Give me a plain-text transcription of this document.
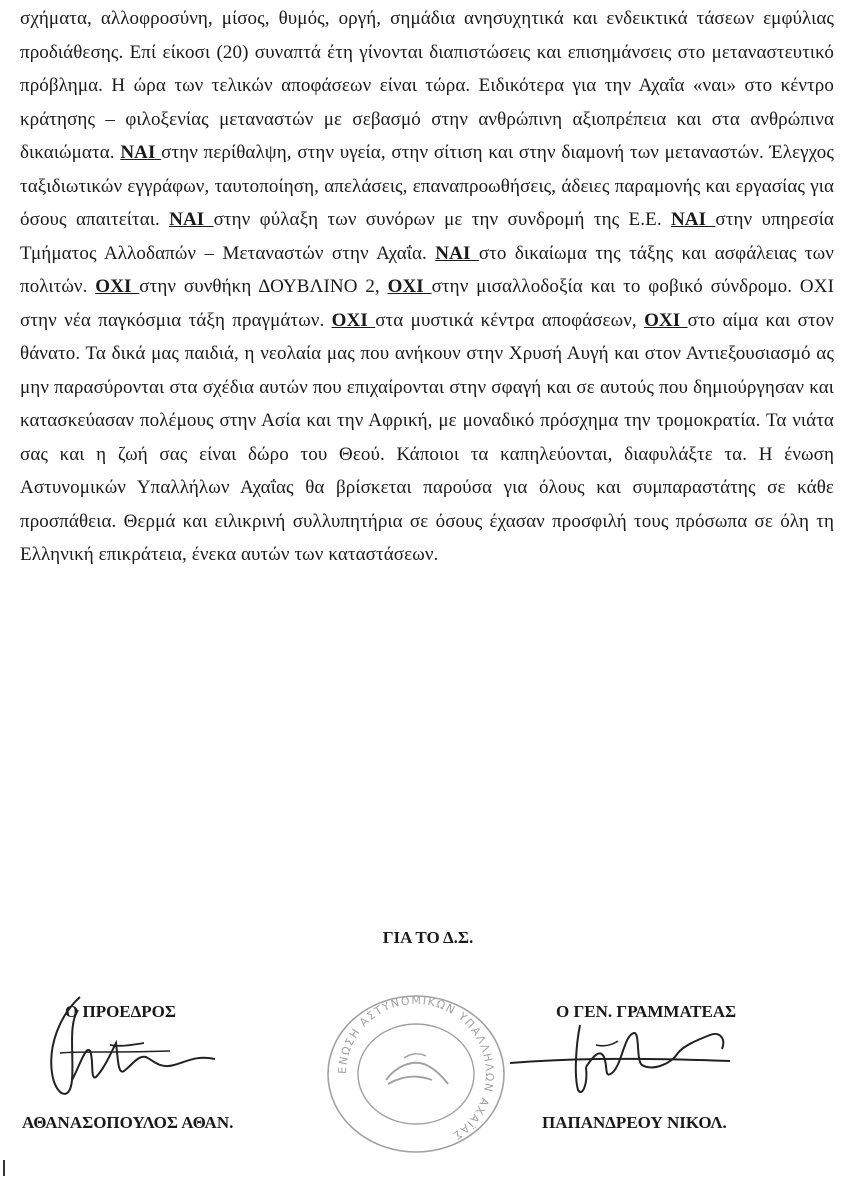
σχήματα, αλλοφροσύνη, μίσος, θυμός, οργή, σημάδια ανησυχητικά και ενδεικτικά τάσεων εμφύλιας προδιάθεσης. Επί είκοσι (20) συναπτά έτη γίνονται διαπιστώσεις και επισημάνσεις στο μεταναστευτικό πρόβλημα. Η ώρα των τελικών αποφάσεων είναι τώρα. Ειδικότερα για την Αχαΐα «ναι» στο κέντρο κράτησης – φιλοξενίας μεταναστών με σεβασμό στην ανθρώπινη αξιοπρέπεια και στα ανθρώπινα δικαιώματα. ΝΑΙ στην περίθαλψη, στην υγεία, στην σίτιση και στην διαμονή των μεταναστών. Έλεγχος ταξιδιωτικών εγγράφων, ταυτοποίηση, απελάσεις, επαναπροωθήσεις, άδειες παραμονής και εργασίας για όσους απαιτείται. ΝΑΙ στην φύλαξη των συνόρων με την συνδρομή της Ε.Ε. ΝΑΙ στην υπηρεσία Τμήματος Αλλοδαπών – Μεταναστών στην Αχαΐα. ΝΑΙ στο δικαίωμα της τάξης και ασφάλειας των πολιτών. ΟΧΙ στην συνθήκη ΔΟΥΒΛΙΝΟ 2, ΟΧΙ στην μισαλλοδοξία και το φοβικό σύνδρομο. ΟΧΙ στην νέα παγκόσμια τάξη πραγμάτων. ΟΧΙ στα μυστικά κέντρα αποφάσεων, ΟΧΙ στο αίμα και στον θάνατο. Τα δικά μας παιδιά, η νεολαία μας που ανήκουν στην Χρυσή Αυγή και στον Αντιεξουσιασμό ας μην παρασύρονται στα σχέδια αυτών που επιχαίρονται στην σφαγή και σε αυτούς που δημιούργησαν και κατασκεύασαν πολέμους στην Ασία και την Αφρική, με μοναδικό πρόσχημα την τρομοκρατία. Τα νιάτα σας και η ζωή σας είναι δώρο του Θεού. Κάποιοι τα καπηλεύονται, διαφυλάξτε τα. Η ένωση Αστυνομικών Υπαλλήλων Αχαΐας θα βρίσκεται παρούσα για όλους και συμπαραστάτης σε κάθε προσπάθεια. Θερμά και ειλικρινή συλλυπητήρια σε όσους έχασαν προσφιλή τους πρόσωπα σε όλη τη Ελληνική επικράτεια, ένεκα αυτών των καταστάσεων.
ΓΙΑ ΤΟ Δ.Σ.
Ο ΠΡΟΕΔΡΟΣ
ΑΘΑΝΑΣΟΠΟΥΛΟΣ ΑΘΑΝ.
Ο ΓΕΝ. ΓΡΑΜΜΑΤΕΑΣ
ΠΑΠΑΝΔΡΕΟΥ ΝΙΚΟΛ.
ΕΝΩΣΗ ΑΣΤΥΝΟΜΙΚΩΝ ΥΠΑΛΛΗΛΩΝ ΑΧΑΪΑΣ
